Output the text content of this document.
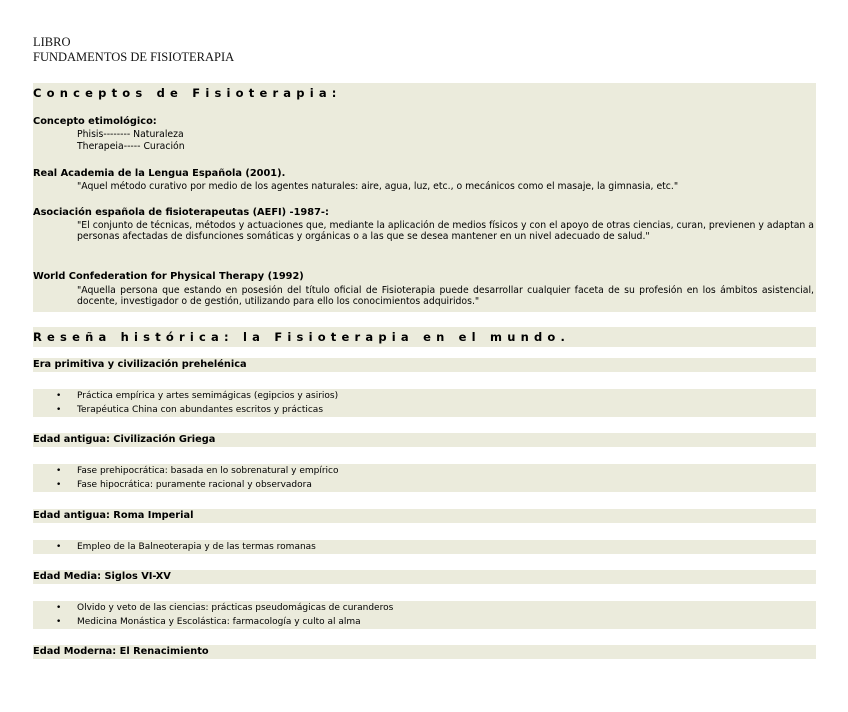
LIBRO
FUNDAMENTOS DE FISIOTERAPIA
Conceptos de Fisioterapia:
Concepto etimológico:
Phisis-------- Naturaleza
Therapeia----- Curación
Real Academia de la Lengua Española (2001).
"Aquel método curativo por medio de los agentes naturales: aire, agua, luz, etc., o mecánicos como el masaje, la gimnasia, etc."
Asociación española de fisioterapeutas (AEFI) -1987-:
"El conjunto de técnicas, métodos y actuaciones que, mediante la aplicación de medios físicos y con el apoyo de otras ciencias, curan, previenen y adaptan a personas afectadas de disfunciones somáticas y orgánicas o a las que se desea mantener en un nivel adecuado de salud."
World Confederation for Physical Therapy (1992)
"Aquella persona que estando en posesión del título oficial de Fisioterapia puede desarrollar cualquier faceta de su profesión en los ámbitos asistencial, docente, investigador o de gestión, utilizando para ello los conocimientos adquiridos."
Reseña histórica: la Fisioterapia en el mundo.
Era primitiva y civilización prehelénica
• Práctica empírica y artes semimágicas (egipcios y asirios)
• Terapéutica China con abundantes escritos y prácticas
Edad antigua: Civilización Griega
• Fase prehipocrática: basada en lo sobrenatural y empírico
• Fase hipocrática: puramente racional y observadora
Edad antigua: Roma Imperial
• Empleo de la Balneoterapia y de las termas romanas
Edad Media: Siglos VI-XV
• Olvido y veto de las ciencias: prácticas pseudomágicas de curanderos
• Medicina Monástica y Escolástica: farmacología y culto al alma
Edad Moderna: El Renacimiento
